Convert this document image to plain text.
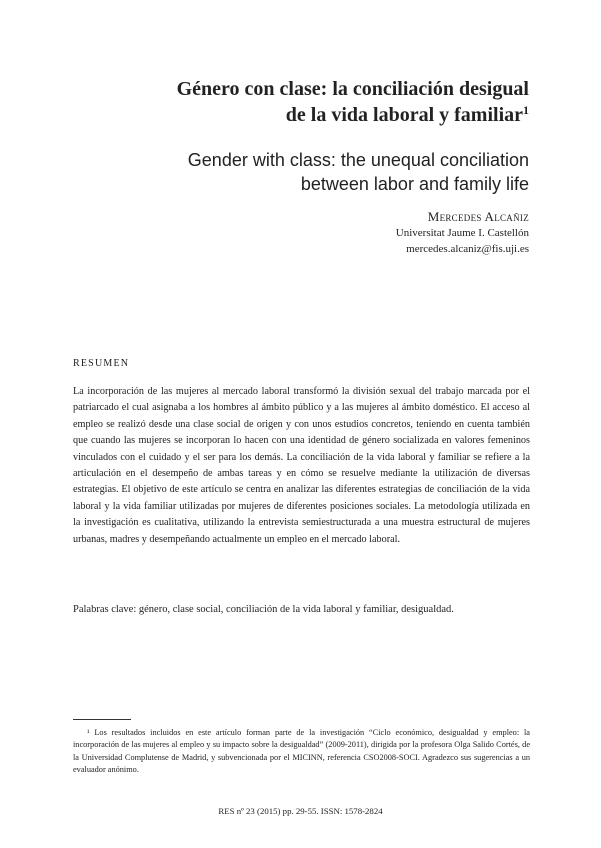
Género con clase: la conciliación desigual
de la vida laboral y familiar$^1$
Gender with class: the unequal conciliation
between labor and family life
Mercedes Alcañiz
Universitat Jaume I. Castellón
mercedes.alcaniz@fis.uji.es
RESUMEN

La incorporación de las mujeres al mercado laboral transformó la división sexual del trabajo marcada por el patriarcado el cual asignaba a los hombres al ámbito público y a las mujeres al ámbito doméstico. El acceso al empleo se realizó desde una clase social de origen y con unos estudios concretos, teniendo en cuenta también que cuando las mujeres se incorporan lo hacen con una identidad de género socializada en valores femeninos vinculados con el cuidado y el ser para los demás. La conciliación de la vida laboral y familiar se refiere a la articulación en el desempeño de ambas tareas y en cómo se resuelve mediante la utilización de diversas estrategias. El objetivo de este artículo se centra en analizar las diferentes estrategias de conciliación de la vida laboral y la vida familiar utilizadas por mujeres de diferentes posiciones sociales. La metodología utilizada en la investigación es cualitativa, utilizando la entrevista semiestructurada a una muestra estructural de mujeres urbanas, madres y desempeñando actualmente un empleo en el mercado laboral.

Palabras clave: género, clase social, conciliación de la vida laboral y familiar, desigualdad.
¹ Los resultados incluidos en este artículo forman parte de la investigación “Ciclo económico, desigualdad y empleo: la incorporación de las mujeres al empleo y su impacto sobre la desigualdad” (2009-2011), dirigida por la profesora Olga Salido Cortés, de la Universidad Complutense de Madrid, y subvencionada por el MICINN, referencia CSO2008-SOCI. Agradezco sus sugerencias a un evaluador anónimo.
RES nº 23 (2015) pp. 29-55. ISSN: 1578-2824
